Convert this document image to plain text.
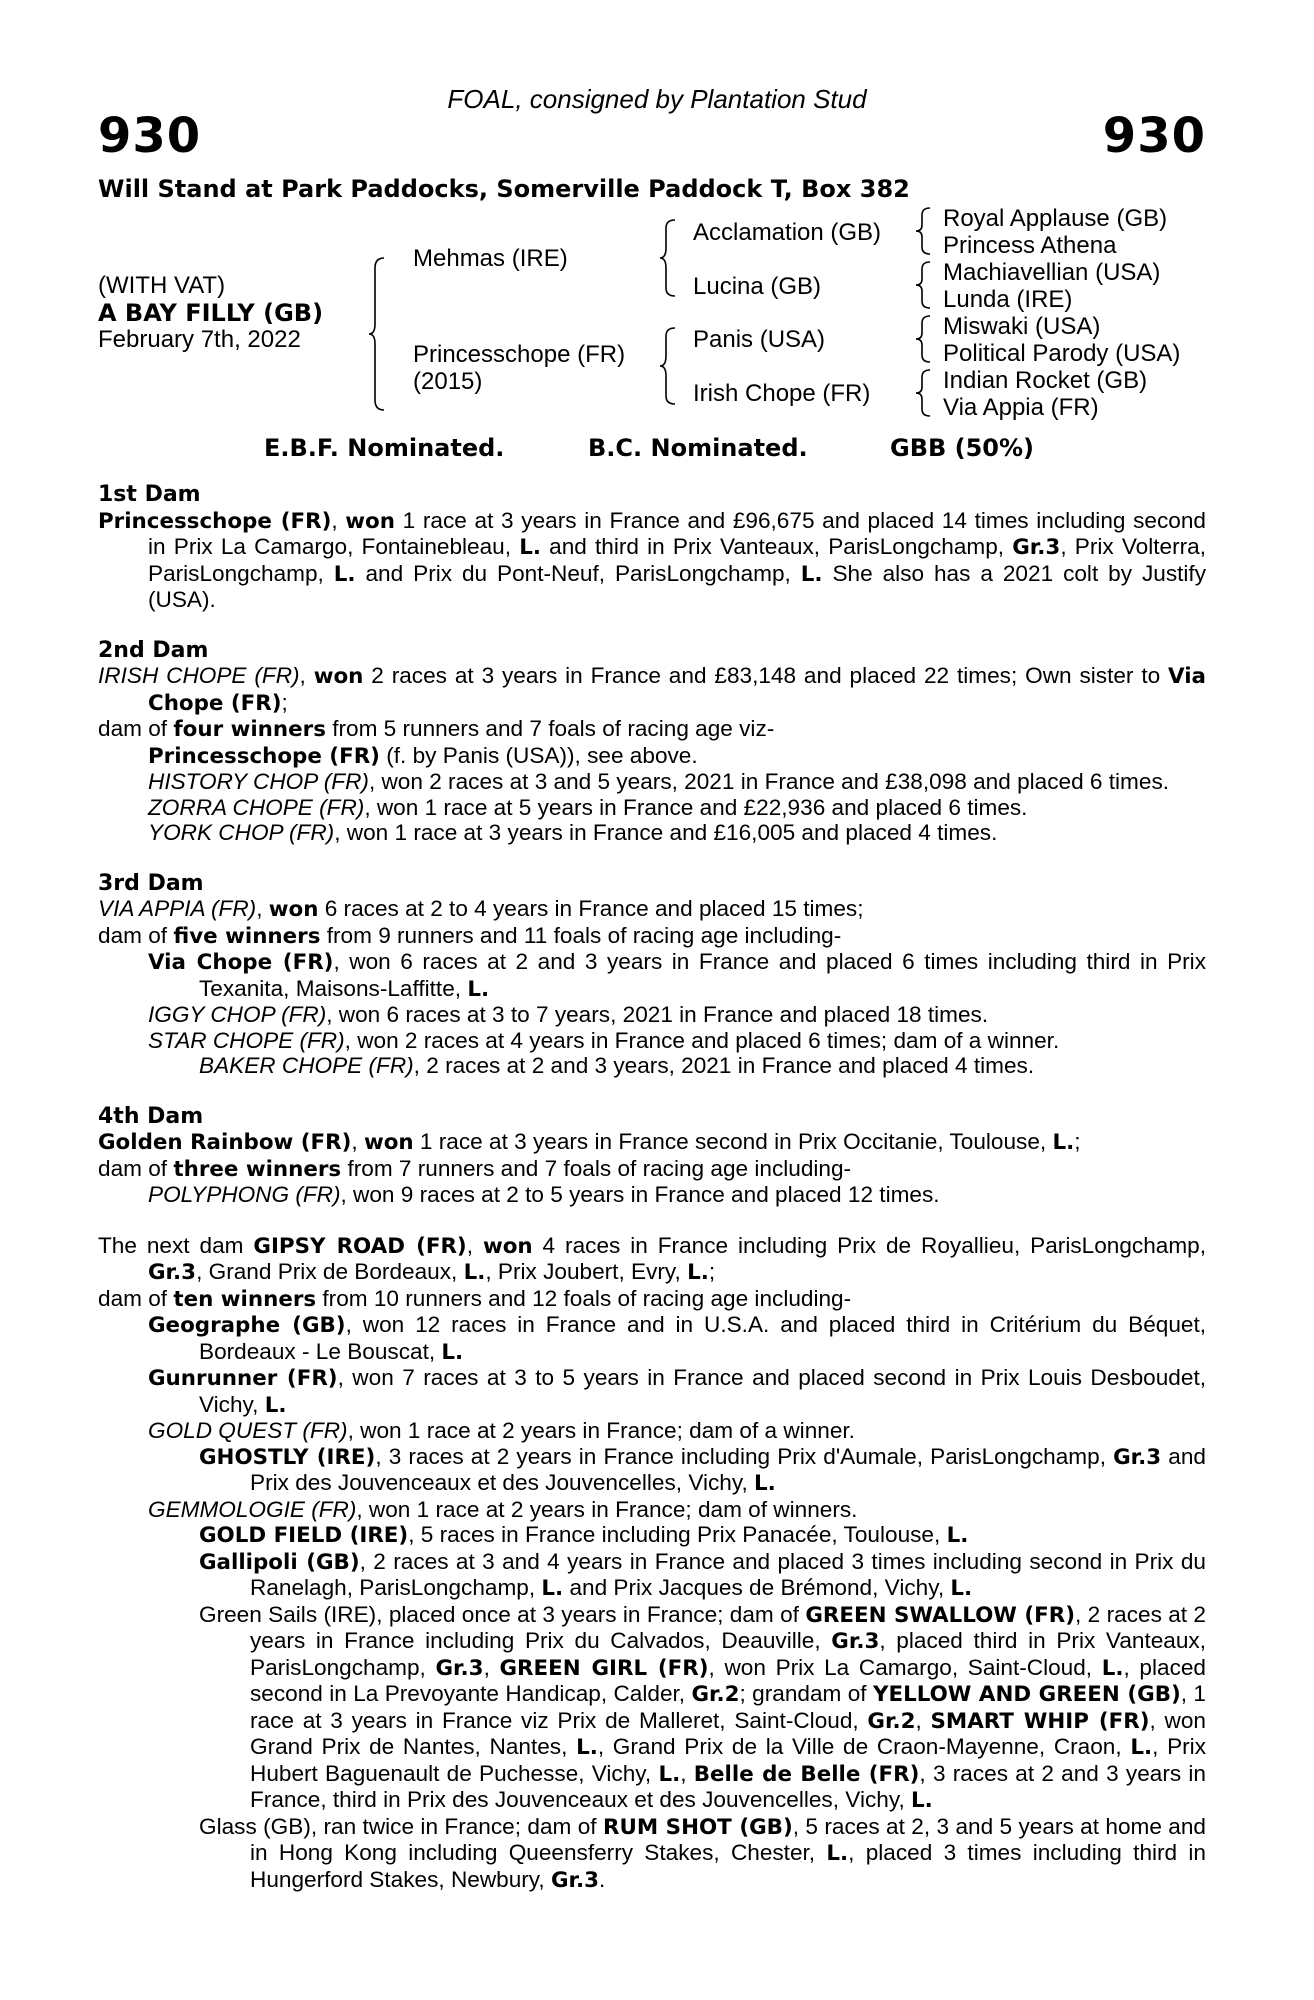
FOAL, consigned by Plantation Stud
930	930
Will Stand at Park Paddocks, Somerville Paddock T, Box 382
(WITH VAT)
A BAY FILLY (GB)
February 7th, 2022
Mehmas (IRE)
Princesschope (FR)
(2015)
Acclamation (GB)
Lucina (GB)
Panis (USA)
Irish Chope (FR)
Royal Applause (GB)
Princess Athena
Machiavellian (USA)
Lunda (IRE)
Miswaki (USA)
Political Parody (USA)
Indian Rocket (GB)
Via Appia (FR)
E.B.F. Nominated.	B.C. Nominated.	GBB (50%)
1st Dam
Princesschope (FR), won 1 race at 3 years in France and £96,675 and placed 14 times including second in Prix La Camargo, Fontainebleau, L. and third in Prix Vanteaux, ParisLongchamp, Gr.3, Prix Volterra, ParisLongchamp, L. and Prix du Pont-Neuf, ParisLongchamp, L. She also has a 2021 colt by Justify (USA).
2nd Dam
IRISH CHOPE (FR), won 2 races at 3 years in France and £83,148 and placed 22 times; Own sister to Via Chope (FR);
dam of four winners from 5 runners and 7 foals of racing age viz-
Princesschope (FR) (f. by Panis (USA)), see above.
HISTORY CHOP (FR), won 2 races at 3 and 5 years, 2021 in France and £38,098 and placed 6 times.
ZORRA CHOPE (FR), won 1 race at 5 years in France and £22,936 and placed 6 times.
YORK CHOP (FR), won 1 race at 3 years in France and £16,005 and placed 4 times.
3rd Dam
VIA APPIA (FR), won 6 races at 2 to 4 years in France and placed 15 times;
dam of five winners from 9 runners and 11 foals of racing age including-
Via Chope (FR), won 6 races at 2 and 3 years in France and placed 6 times including third in Prix Texanita, Maisons-Laffitte, L.
IGGY CHOP (FR), won 6 races at 3 to 7 years, 2021 in France and placed 18 times.
STAR CHOPE (FR), won 2 races at 4 years in France and placed 6 times; dam of a winner.
BAKER CHOPE (FR), 2 races at 2 and 3 years, 2021 in France and placed 4 times.
4th Dam
Golden Rainbow (FR), won 1 race at 3 years in France second in Prix Occitanie, Toulouse, L.;
dam of three winners from 7 runners and 7 foals of racing age including-
POLYPHONG (FR), won 9 races at 2 to 5 years in France and placed 12 times.
The next dam GIPSY ROAD (FR), won 4 races in France including Prix de Royallieu, ParisLongchamp, Gr.3, Grand Prix de Bordeaux, L., Prix Joubert, Evry, L.;
dam of ten winners from 10 runners and 12 foals of racing age including-
Geographe (GB), won 12 races in France and in U.S.A. and placed third in Critérium du Béquet, Bordeaux - Le Bouscat, L.
Gunrunner (FR), won 7 races at 3 to 5 years in France and placed second in Prix Louis Desboudet, Vichy, L.
GOLD QUEST (FR), won 1 race at 2 years in France; dam of a winner.
GHOSTLY (IRE), 3 races at 2 years in France including Prix d'Aumale, ParisLongchamp, Gr.3 and Prix des Jouvenceaux et des Jouvencelles, Vichy, L.
GEMMOLOGIE (FR), won 1 race at 2 years in France; dam of winners.
GOLD FIELD (IRE), 5 races in France including Prix Panacée, Toulouse, L.
Gallipoli (GB), 2 races at 3 and 4 years in France and placed 3 times including second in Prix du Ranelagh, ParisLongchamp, L. and Prix Jacques de Brémond, Vichy, L.
Green Sails (IRE), placed once at 3 years in France; dam of GREEN SWALLOW (FR), 2 races at 2 years in France including Prix du Calvados, Deauville, Gr.3, placed third in Prix Vanteaux, ParisLongchamp, Gr.3, GREEN GIRL (FR), won Prix La Camargo, Saint-Cloud, L., placed second in La Prevoyante Handicap, Calder, Gr.2; grandam of YELLOW AND GREEN (GB), 1 race at 3 years in France viz Prix de Malleret, Saint-Cloud, Gr.2, SMART WHIP (FR), won Grand Prix de Nantes, Nantes, L., Grand Prix de la Ville de Craon-Mayenne, Craon, L., Prix Hubert Baguenault de Puchesse, Vichy, L., Belle de Belle (FR), 3 races at 2 and 3 years in France, third in Prix des Jouvenceaux et des Jouvencelles, Vichy, L.
Glass (GB), ran twice in France; dam of RUM SHOT (GB), 5 races at 2, 3 and 5 years at home and in Hong Kong including Queensferry Stakes, Chester, L., placed 3 times including third in Hungerford Stakes, Newbury, Gr.3.
